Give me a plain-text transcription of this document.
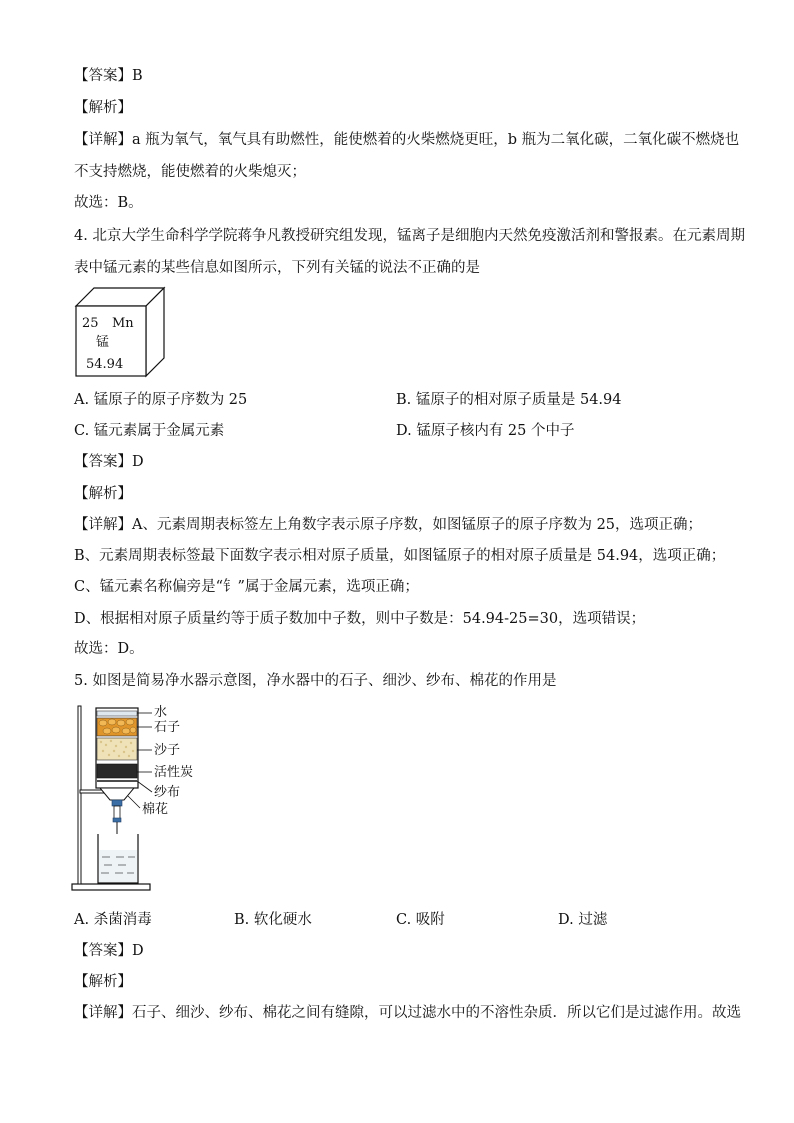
【答案】B
【解析】
【详解】a 瓶为氧气，氧气具有助燃性，能使燃着的火柴燃烧更旺，b 瓶为二氧化碳，二氧化碳不燃烧也
不支持燃烧，能使燃着的火柴熄灭；
故选：B。
4. 北京大学生命科学学院蒋争凡教授研究组发现，锰离子是细胞内天然免疫激活剂和警报素。在元素周期
表中锰元素的某些信息如图所示，下列有关锰的说法不正确的是
25 Mn
锰
54.94
A. 锰原子的原子序数为 25	B. 锰原子的相对原子质量是 54.94
C. 锰元素属于金属元素	D. 锰原子核内有 25 个中子
【答案】D
【解析】
【详解】A、元素周期表标签左上角数字表示原子序数，如图锰原子的原子序数为 25，选项正确；
B、元素周期表标签最下面数字表示相对原子质量，如图锰原子的相对原子质量是 54.94，选项正确；
C、锰元素名称偏旁是“钅”属于金属元素，选项正确；
D、根据相对原子质量约等于质子数加中子数，则中子数是：54.94-25=30，选项错误；
故选：D。
5. 如图是简易净水器示意图，净水器中的石子、细沙、纱布、棉花的作用是
水
石子
沙子
活性炭
纱布
棉花
A. 杀菌消毒	B. 软化硬水	C. 吸附	D. 过滤
【答案】D
【解析】
【详解】石子、细沙、纱布、棉花之间有缝隙，可以过滤水中的不溶性杂质．所以它们是过滤作用。故选
